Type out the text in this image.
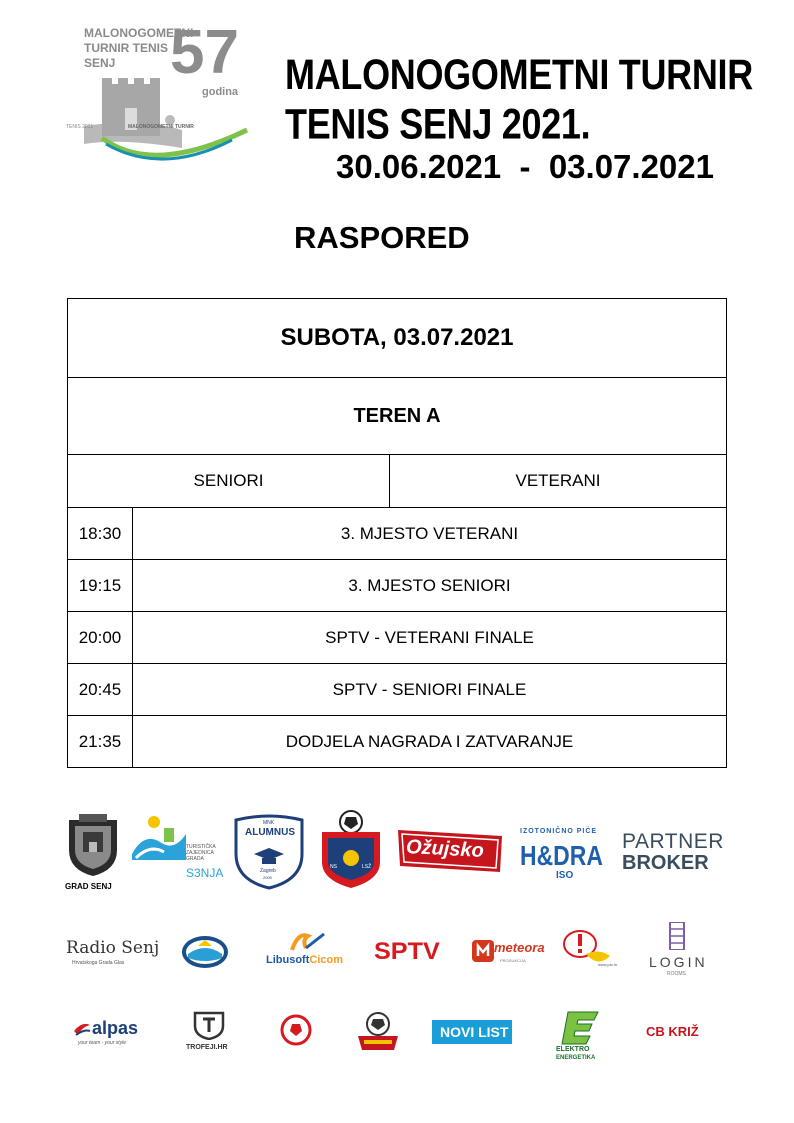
MALONOGOMETNI
TURNIR TENIS
SENJ 57
godina
TENIS 2021	MALONOGOMETNI TURNIR
MALONOGOMETNI TURNIR
TENIS SENJ 2021.
30.06.2021  -  03.07.2021
RASPORED
SUBOTA, 03.07.2021
TEREN A
SENIORI	VETERANI
18:30	3. MJESTO VETERANI
19:15	3. MJESTO SENIORI
20:00	SPTV - VETERANI FINALE
20:45	SPTV - SENIORI FINALE
21:35	DODJELA NAGRADA I ZATVARANJE
GRAD SENJ
TURISTIČKA
ZAJEDNICA
GRADA
S3NJA
MNK
ALUMNUS
Zagreb
2000
NS	LSŽ
Ožujsko
IZOTONIČNO PIĆE
H&DRA
ISO
PARTNER
BROKER
Radio Senj
Hrvatskoga Grada Glas	LibusoftCicom SPTV	meteora
PRODUKCIJA
www.pio.hr LOGIN
ROOMS
alpas
your team - your style
TROFEJI.HR
NOVI LIST
ELEKTRO
ENERGETIKA
CB KRIŽ
